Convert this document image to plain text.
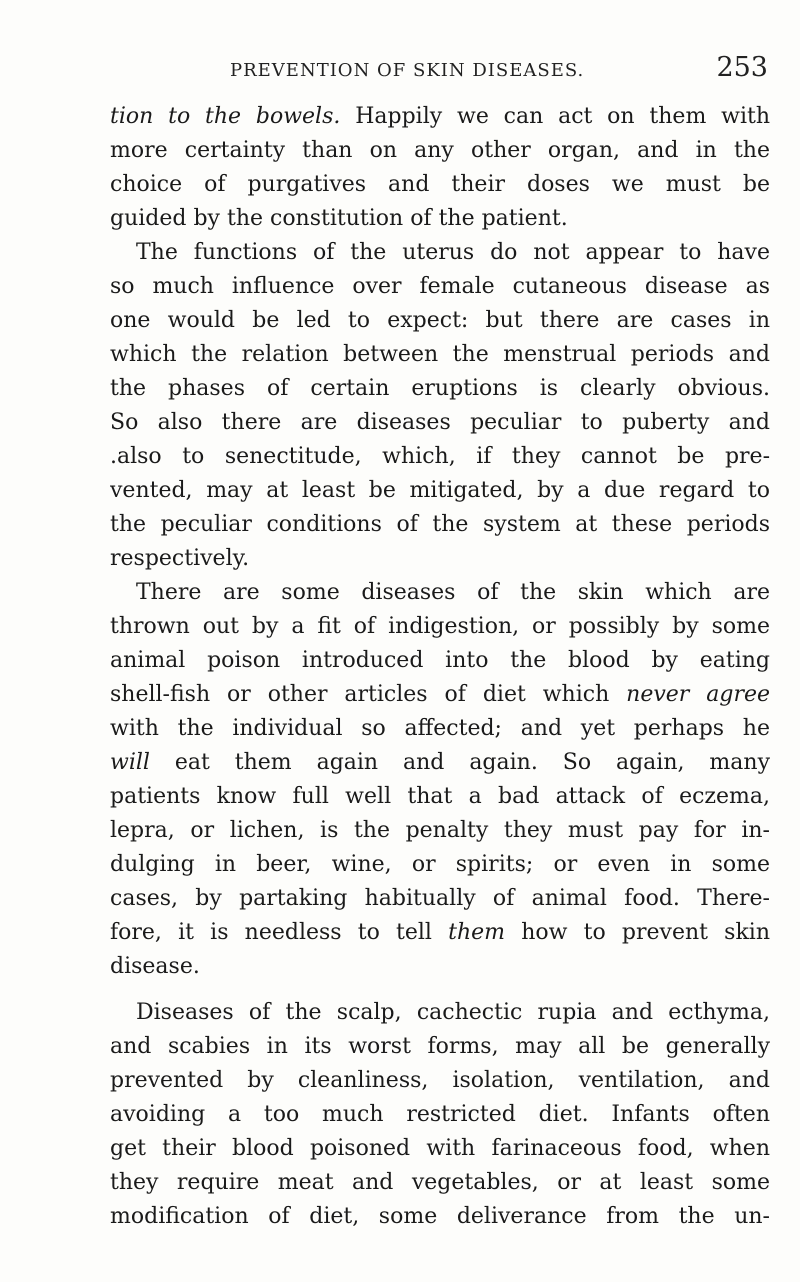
PREVENTION OF SKIN DISEASES.	253
tion to the bowels. Happily we can act on them with
more certainty than on any other organ, and in the
choice of purgatives and their doses we must be
guided by the constitution of the patient.
The functions of the uterus do not appear to have
so much influence over female cutaneous disease as
one would be led to expect: but there are cases in
which the relation between the menstrual periods and
the phases of certain eruptions is clearly obvious.
So also there are diseases peculiar to puberty and
.also to senectitude, which, if they cannot be pre-
vented, may at least be mitigated, by a due regard to
the peculiar conditions of the system at these periods
respectively.
There are some diseases of the skin which are
thrown out by a fit of indigestion, or possibly by some
animal poison introduced into the blood by eating
shell-fish or other articles of diet which never agree
with the individual so affected; and yet perhaps he
will eat them again and again. So again, many
patients know full well that a bad attack of eczema,
lepra, or lichen, is the penalty they must pay for in-
dulging in beer, wine, or spirits; or even in some
cases, by partaking habitually of animal food. There-
fore, it is needless to tell them how to prevent skin
disease.
Diseases of the scalp, cachectic rupia and ecthyma,
and scabies in its worst forms, may all be generally
prevented by cleanliness, isolation, ventilation, and
avoiding a too much restricted diet. Infants often
get their blood poisoned with farinaceous food, when
they require meat and vegetables, or at least some
modification of diet, some deliverance from the un-
